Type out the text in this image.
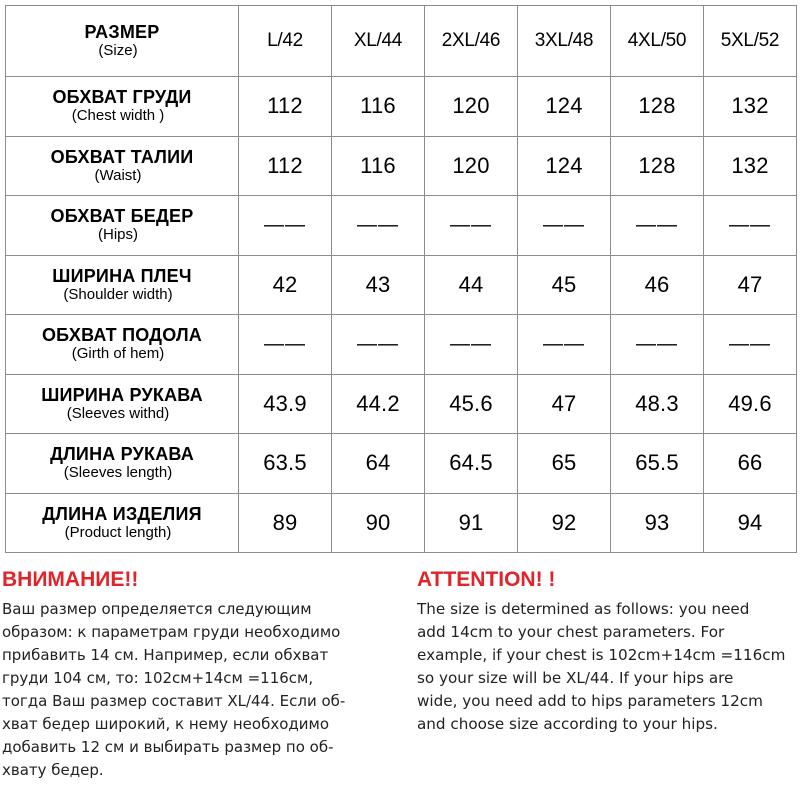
РАЗМЕР
(Size)	L/42	XL/44	2XL/46	3XL/48	4XL/50	5XL/52

ОБХВАТ ГРУДИ
(Chest width )	112	116	120	124	128	132

ОБХВАТ ТАЛИИ
(Waist)	112	116	120	124	128	132

ОБХВАТ БЕДЕР
(Hips)	——	——	——	——	——	——

ШИРИНА ПЛЕЧ
(Shoulder width)	42	43	44	45	46	47

ОБХВАТ ПОДОЛА
(Girth of hem)	——	——	——	——	——	——

ШИРИНА РУКАВА
(Sleeves withd)	43.9	44.2	45.6	47	48.3	49.6

ДЛИНА РУКАВА
(Sleeves length)	63.5	64	64.5	65	65.5	66

ДЛИНА ИЗДЕЛИЯ
(Product length)	89	90	91	92	93	94
ВНИМАНИЕ!!

Ваш размер определяется следующим
образом: к параметрам груди необходимо
прибавить 14 см. Например, если обхват
груди 104 см, то: 102см+14см =116см,
тогда Ваш размер составит XL/44. Если об-
хват бедер широкий, к нему необходимо
добавить 12 см и выбирать размер по об-
хвату бедер.

ATTENTION! !

The size is determined as follows: you need
add 14cm to your chest parameters. For
example, if your chest is 102cm+14cm =116cm
so your size will be XL/44. If your hips are
wide, you need add to hips parameters 12cm
and choose size according to your hips.
